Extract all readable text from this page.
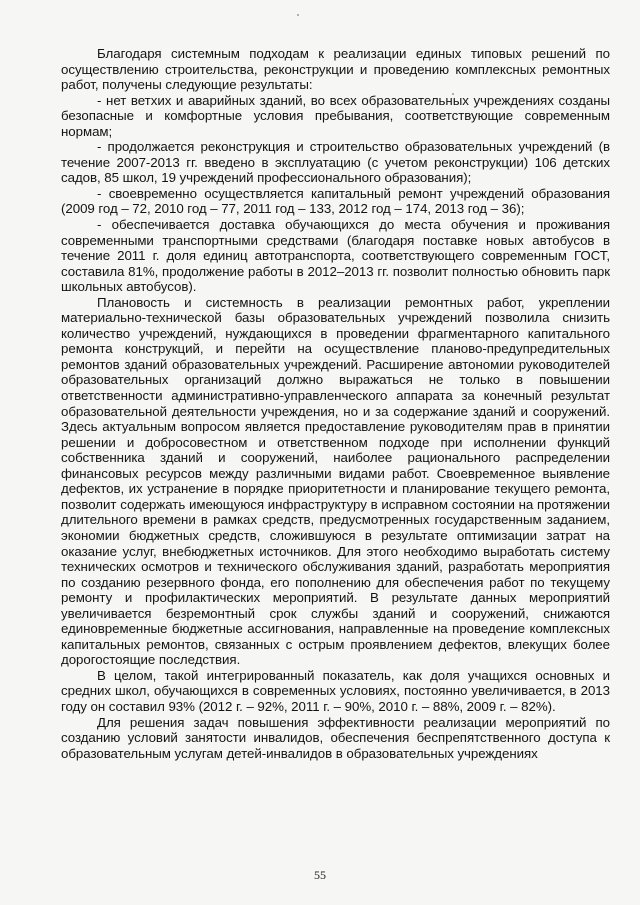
Благодаря системным подходам к реализации единых типовых решений по осуществлению строительства, реконструкции и проведению комплексных ремонтных работ, получены следующие результаты:

- нет ветхих и аварийных зданий, во всех образовательных учреждениях созданы безопасные и комфортные условия пребывания, соответствующие современным нормам;

- продолжается реконструкция и строительство образовательных учреждений (в течение 2007-2013 гг. введено в эксплуатацию (с учетом реконструкции) 106 детских садов, 85 школ, 19 учреждений профессионального образования);

- своевременно осуществляется капитальный ремонт учреждений образования (2009 год – 72, 2010 год – 77, 2011 год – 133, 2012 год – 174, 2013 год – 36);

- обеспечивается доставка обучающихся до места обучения и проживания современными транспортными средствами (благодаря поставке новых автобусов в течение 2011 г. доля единиц автотранспорта, соответствующего современным ГОСТ, составила 81%, продолжение работы в 2012–2013 гг. позволит полностью обновить парк школьных автобусов).

Плановость и системность в реализации ремонтных работ, укреплении материально-технической базы образовательных учреждений позволила снизить количество учреждений, нуждающихся в проведении фрагментарного капитального ремонта конструкций, и перейти на осуществление планово-предупредительных ремонтов зданий образовательных учреждений. Расширение автономии руководителей образовательных организаций должно выражаться не только в повышении ответственности административно-управленческого аппарата за конечный результат образовательной деятельности учреждения, но и за содержание зданий и сооружений. Здесь актуальным вопросом является предоставление руководителям прав в принятии решении и добросовестном и ответственном подходе при исполнении функций собственника зданий и сооружений, наиболее рационального распределении финансовых ресурсов между различными видами работ. Своевременное выявление дефектов, их устранение в порядке приоритетности и планирование текущего ремонта, позволит содержать имеющуюся инфраструктуру в исправном состоянии на протяжении длительного времени в рамках средств, предусмотренных государственным заданием, экономии бюджетных средств, сложившуюся в результате оптимизации затрат на оказание услуг, внебюджетных источников. Для этого необходимо выработать систему технических осмотров и технического обслуживания зданий, разработать мероприятия по созданию резервного фонда, его пополнению для обеспечения работ по текущему ремонту и профилактических мероприятий. В результате данных мероприятий увеличивается безремонтный срок службы зданий и сооружений, снижаются единовременные бюджетные ассигнования, направленные на проведение комплексных капитальных ремонтов, связанных с острым проявлением дефектов, влекущих более дорогостоящие последствия.

В целом, такой интегрированный показатель, как доля учащихся основных и средних школ, обучающихся в современных условиях, постоянно увеличивается, в 2013 году он составил 93% (2012 г. – 92%, 2011 г. – 90%, 2010 г. – 88%, 2009 г. – 82%).

Для решения задач повышения эффективности реализации мероприятий по созданию условий занятости инвалидов, обеспечения беспрепятственного доступа к образовательным услугам детей-инвалидов в образовательных учреждениях

55
